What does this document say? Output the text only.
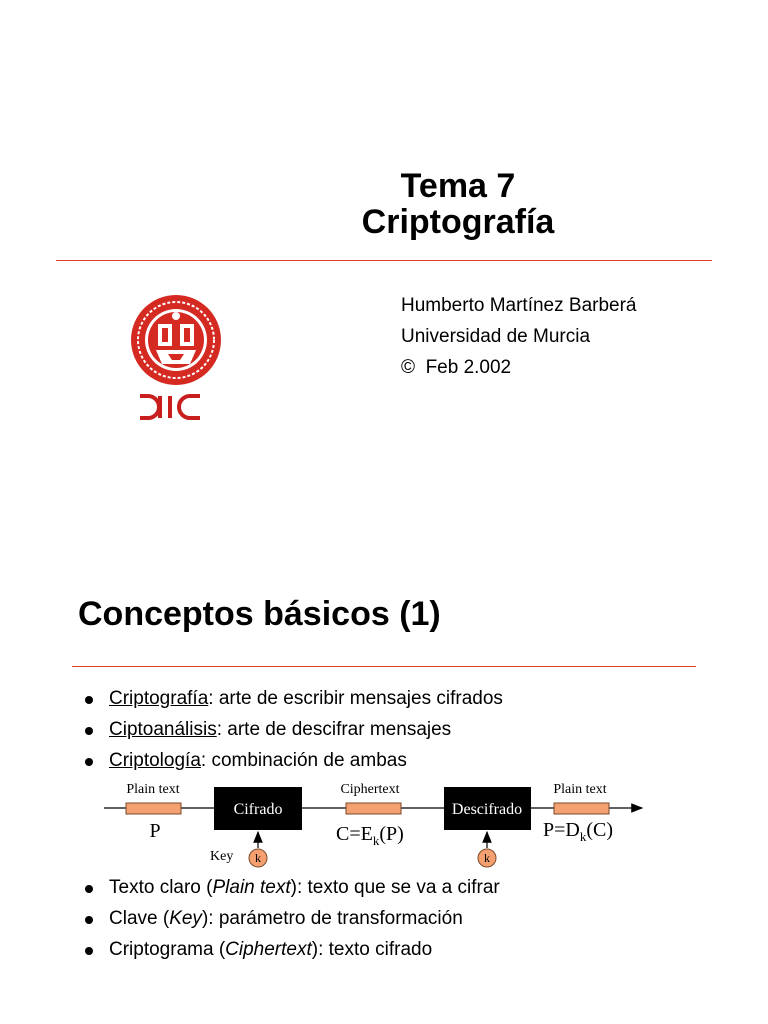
Tema 7
Criptografía
Humberto Martínez Barberá
Universidad de Murcia
© Feb 2.002
Conceptos básicos (1)
Criptografía: arte de escribir mensajes cifrados
Ciptoanálisis: arte de descifrar mensajes
Criptología: combinación de ambas
Plain text
P
Cifrado
Ciphertext
$C=E_k(P)$
Descifrado
Plain text
$P=D_k(C)$
Key k	k
Texto claro (Plain text): texto que se va a cifrar
Clave (Key): parámetro de transformación
Criptograma (Ciphertext): texto cifrado
